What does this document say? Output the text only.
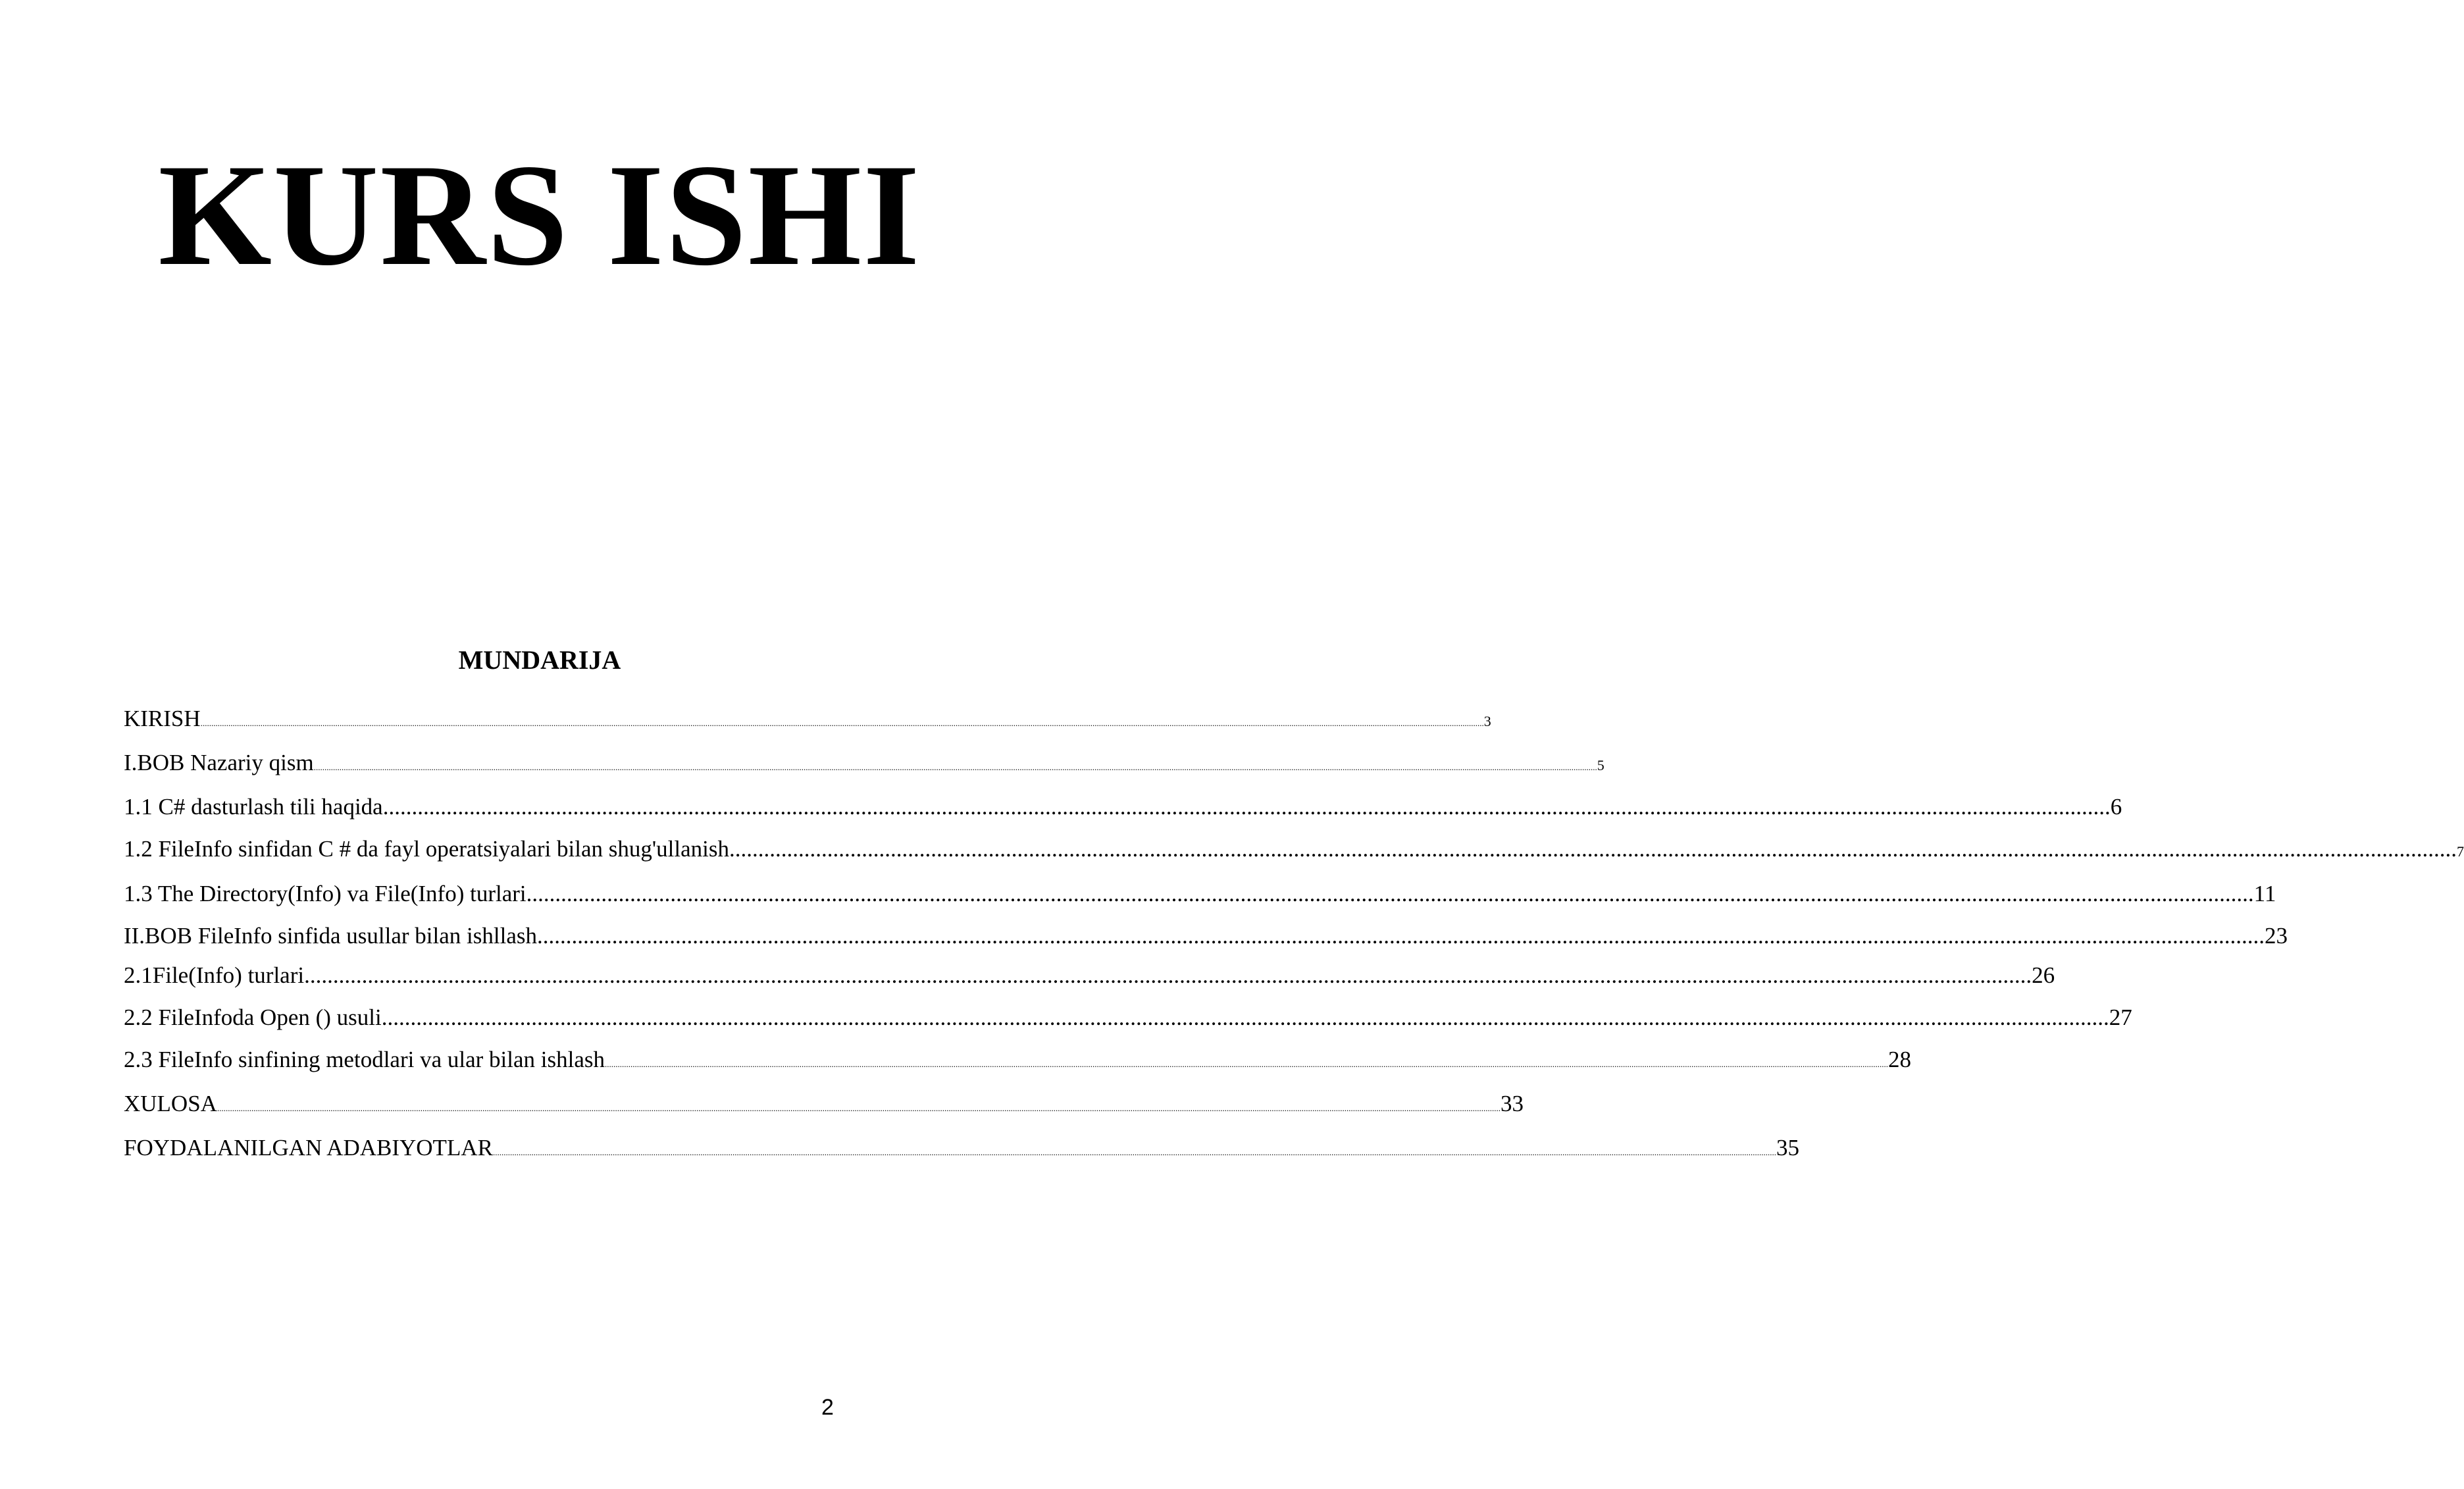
KURS ISHI
MUNDARIJA
KIRISH ........................................................................................................................................................................................................................................................................................................................................................................................................................................................................................................................................................................................................................ 3
I.BOB Nazariy qism ........................................................................................................................................................................................................................................................................................................................................................................................................................................................................................................................................................................................................................ 5
1.1 C# dasturlash tili haqida ............................................................................................................................................................................................................................................................................................................ 6
1.2 FileInfo sinfidan C # da fayl operatsiyalari bilan shug'ullanish ............................................................................................................................................................................................................................................................................................................ 7
1.3 The Directory(Info) va File(Info) turlari ............................................................................................................................................................................................................................................................................................................ 11
II.BOB FileInfo sinfida usullar bilan ishllash ............................................................................................................................................................................................................................................................................................................ 23
2.1File(Info) turlari ............................................................................................................................................................................................................................................................................................................ 26
2.2 FileInfoda Open () usuli ............................................................................................................................................................................................................................................................................................................ 27
2.3 FileInfo sinfining metodlari va ular bilan ishlash ........................................................................................................................................................................................................................................................................................................................................................................................................................................................................................................................................................................................................................ 28
XULOSA ........................................................................................................................................................................................................................................................................................................................................................................................................................................................................................................................................................................................................................ 33
FOYDALANILGAN ADABIYOTLAR ........................................................................................................................................................................................................................................................................................................................................................................................................................................................................................................................................................................................................................ 35
2
